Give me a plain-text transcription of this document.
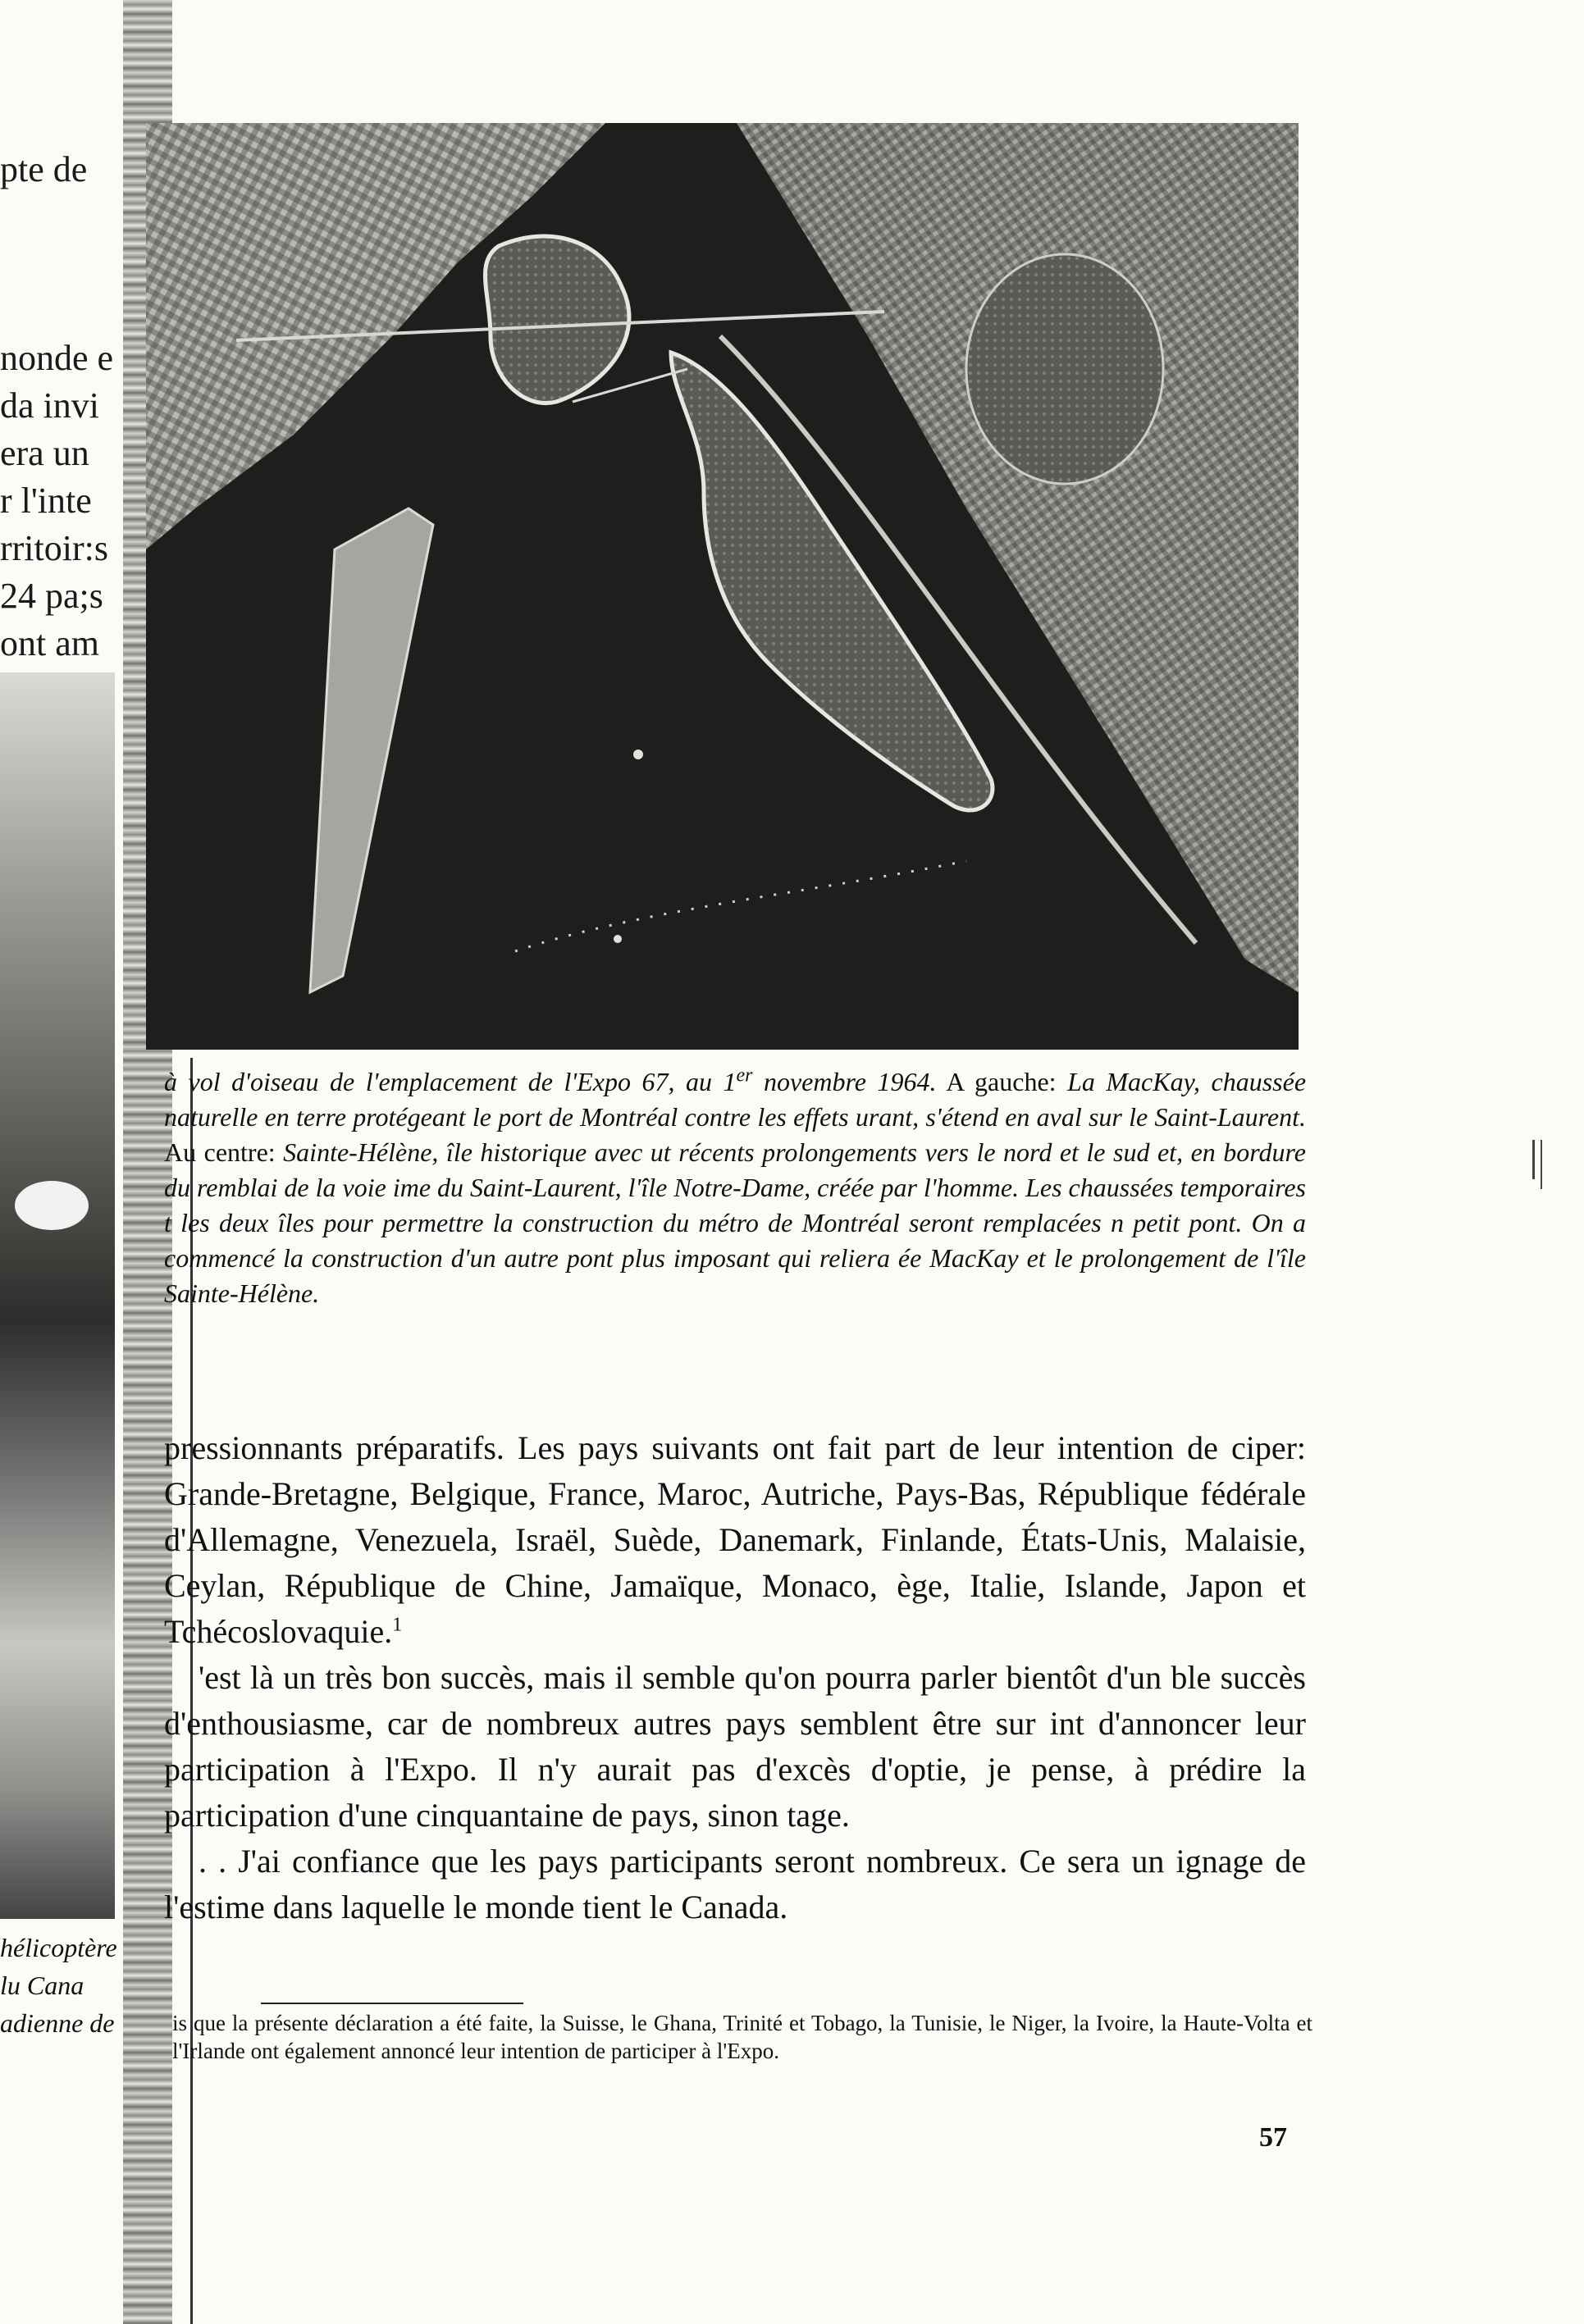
pte de
nonde e
da invi
era un
r l'inte
rritoir:s
24 pa;s
ont am
hélicoptère
lu Cana
adienne de
à vol d'oiseau de l'emplacement de l'Expo 67, au 1er novembre 1964. A gauche: La MacKay, chaussée naturelle en terre protégeant le port de Montréal contre les effets urant, s'étend en aval sur le Saint-Laurent. Au centre: Sainte-Hélène, île historique avec ut récents prolongements vers le nord et le sud et, en bordure du remblai de la voie ime du Saint-Laurent, l'île Notre-Dame, créée par l'homme. Les chaussées temporaires t les deux îles pour permettre la construction du métro de Montréal seront remplacées n petit pont. On a commencé la construction d'un autre pont plus imposant qui reliera ée MacKay et le prolongement de l'île Sainte-Hélène.

pressionnants préparatifs. Les pays suivants ont fait part de leur intention de ciper: Grande-Bretagne, Belgique, France, Maroc, Autriche, Pays-Bas, République fédérale d'Allemagne, Venezuela, Israël, Suède, Danemark, Finlande, États-Unis, Malaisie, Ceylan, République de Chine, Jamaïque, Monaco, ège, Italie, Islande, Japon et Tchécoslovaquie.$^1$

'est là un très bon succès, mais il semble qu'on pourra parler bientôt d'un ble succès d'enthousiasme, car de nombreux autres pays semblent être sur int d'annoncer leur participation à l'Expo. Il n'y aurait pas d'excès d'optie, je pense, à prédire la participation d'une cinquantaine de pays, sinon tage.

. . J'ai confiance que les pays participants seront nombreux. Ce sera un ignage de l'estime dans laquelle le monde tient le Canada.

is que la présente déclaration a été faite, la Suisse, le Ghana, Trinité et Tobago, la Tunisie, le Niger, la Ivoire, la Haute-Volta et l'Irlande ont également annoncé leur intention de participer à l'Expo.
57
